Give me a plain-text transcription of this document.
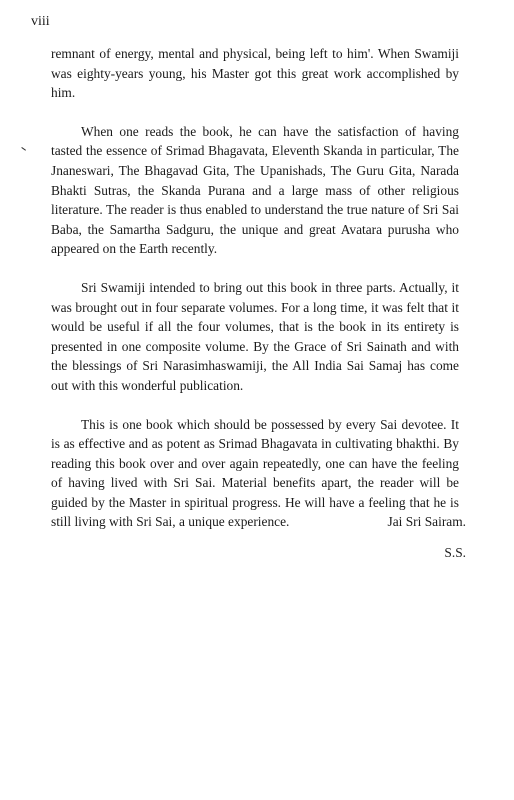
viii

remnant of energy, mental and physical, being left to him'. When Swamiji was eighty-years young, his Master got this great work accomplished by him.

When one reads the book, he can have the satisfaction of having tasted the essence of Srimad Bhagavata, Eleventh Skanda in particular, The Jnaneswari, The Bhagavad Gita, The Upanishads, The Guru Gita, Narada Bhakti Sutras, the Skanda Purana and a large mass of other religious literature. The reader is thus enabled to understand the true nature of Sri Sai Baba, the Samartha Sadguru, the unique and great Avatara purusha who appeared on the Earth recently.

Sri Swamiji intended to bring out this book in three parts. Actually, it was brought out in four separate volumes. For a long time, it was felt that it would be useful if all the four volumes, that is the book in its entirety is presented in one composite volume. By the Grace of Sri Sainath and with the blessings of Sri Narasimhaswamiji, the All India Sai Samaj has come out with this wonderful publication.

This is one book which should be possessed by every Sai devotee. It is as effective and as potent as Srimad Bhagavata in cultivating bhakthi. By reading this book over and over again repeatedly, one can have the feeling of having lived with Sri Sai. Material benefits apart, the reader will be guided by the Master in spiritual progress. He will have a feeling that he is still living with Sri Sai, a unique experience.	Jai Sri Sairam.
S.S.
